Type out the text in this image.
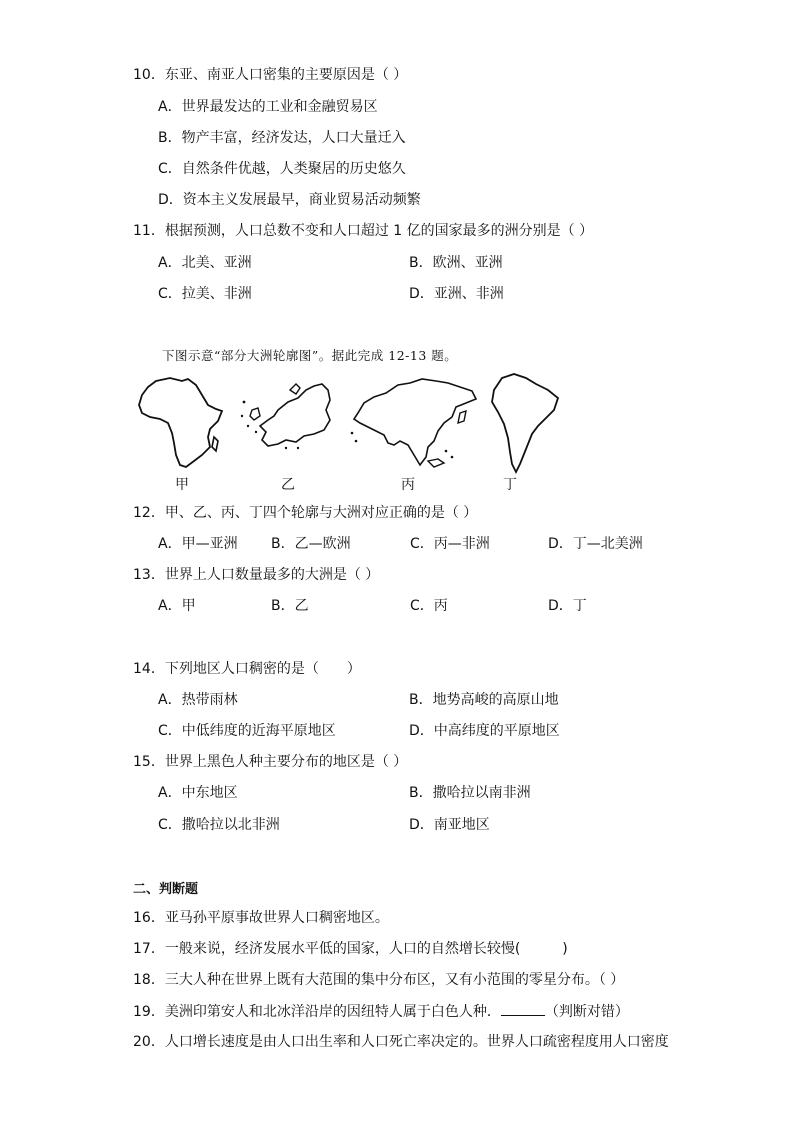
10．东亚、南亚人口密集的主要原因是（ ）
A．世界最发达的工业和金融贸易区
B．物产丰富，经济发达，人口大量迁入
C．自然条件优越，人类聚居的历史悠久
D．资本主义发展最早，商业贸易活动频繁
11．根据预测，人口总数不变和人口超过 1 亿的国家最多的洲分别是（ ）
A．北美、亚洲	B．欧洲、亚洲
C．拉美、非洲	D．亚洲、非洲
下图示意“部分大洲轮廓图”。据此完成 12-13 题。
甲	乙	丙	丁
12．甲、乙、丙、丁四个轮廓与大洲对应正确的是（ ）
A．甲—亚洲 B．乙—欧洲	C．丙—非洲	D．丁—北美洲
13．世界上人口数量最多的大洲是（ ）
A．甲	B．乙	C．丙	D．丁
14．下列地区人口稠密的是（　　）
A．热带雨林	B．地势高峻的高原山地
C．中低纬度的近海平原地区	D．中高纬度的平原地区
15．世界上黑色人种主要分布的地区是（ ）
A．中东地区	B．撒哈拉以南非洲
C．撒哈拉以北非洲	D．南亚地区
二、判断题
16．亚马孙平原事故世界人口稠密地区。
17．一般来说，经济发展水平低的国家，人口的自然增长较慢(　　　)
18．三大人种在世界上既有大范围的集中分布区，又有小范围的零星分布。（ ）
19．美洲印第安人和北冰洋沿岸的因纽特人属于白色人种．	（判断对错）
20．人口增长速度是由人口出生率和人口死亡率决定的。世界人口疏密程度用人口密度
